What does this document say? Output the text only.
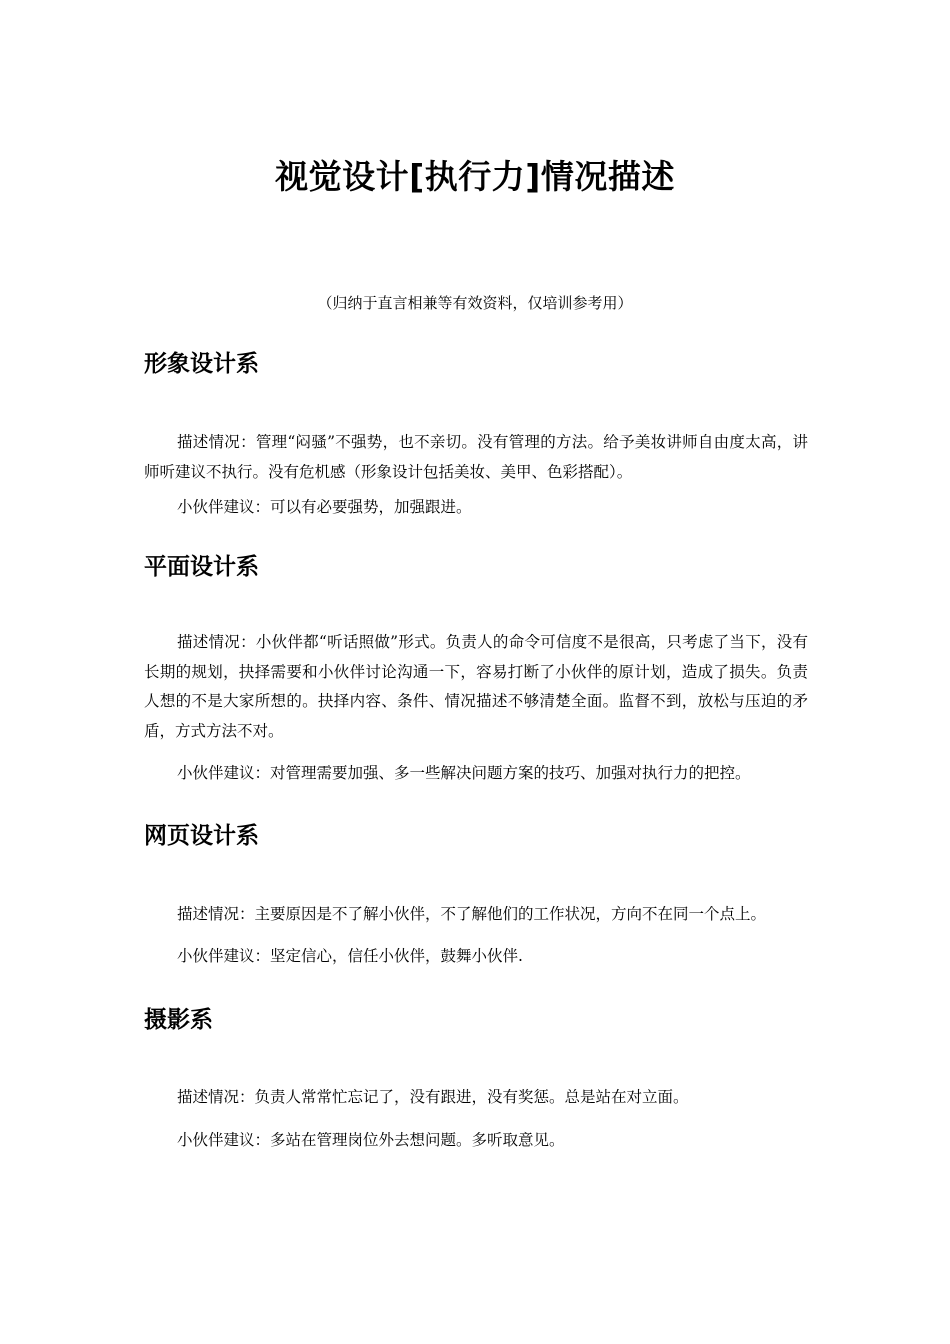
视觉设计[执行力]情况描述

（归纳于直言相兼等有效资料，仅培训参考用）

形象设计系

描述情况：管理“闷骚”不强势，也不亲切。没有管理的方法。给予美妆讲师自由度太高，讲师听建议不执行。没有危机感（形象设计包括美妆、美甲、色彩搭配）。

小伙伴建议：可以有必要强势，加强跟进。

平面设计系

描述情况：小伙伴都“听话照做”形式。负责人的命令可信度不是很高，只考虑了当下，没有长期的规划，抉择需要和小伙伴讨论沟通一下，容易打断了小伙伴的原计划，造成了损失。负责人想的不是大家所想的。抉择内容、条件、情况描述不够清楚全面。监督不到，放松与压迫的矛盾，方式方法不对。

小伙伴建议：对管理需要加强、多一些解决问题方案的技巧、加强对执行力的把控。

网页设计系

描述情况：主要原因是不了解小伙伴，不了解他们的工作状况，方向不在同一个点上。

小伙伴建议：坚定信心，信任小伙伴，鼓舞小伙伴.

摄影系

描述情况：负责人常常忙忘记了，没有跟进，没有奖惩。总是站在对立面。

小伙伴建议：多站在管理岗位外去想问题。多听取意见。
